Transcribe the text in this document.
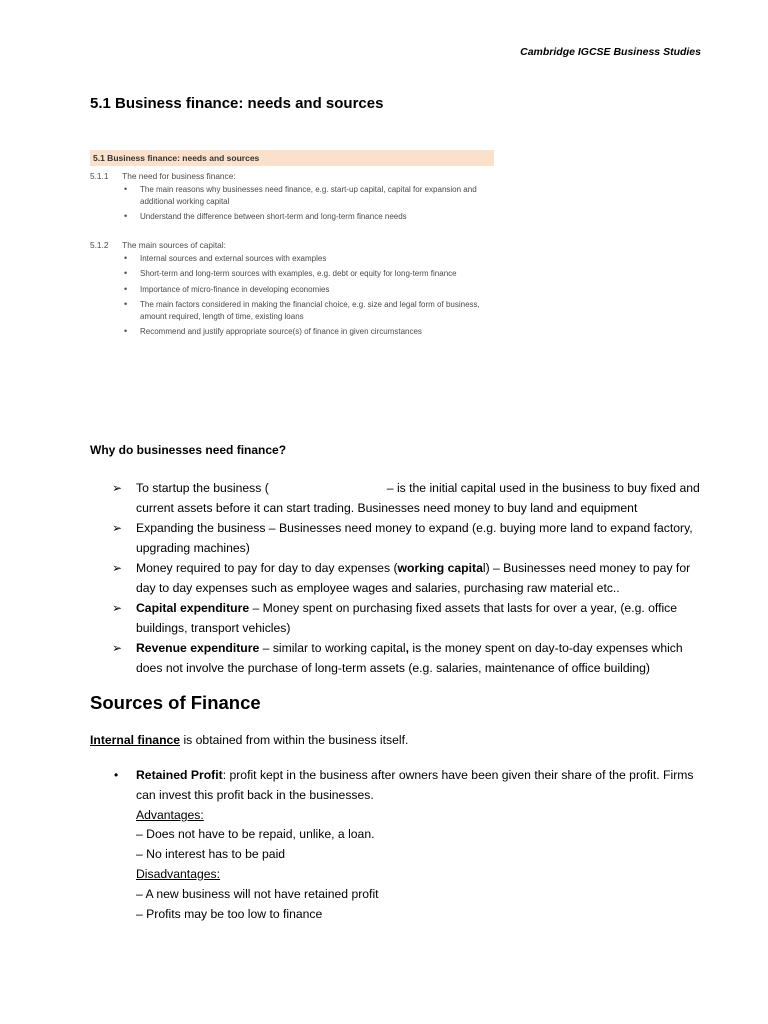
Cambridge IGCSE Business Studies
5.1 Business finance: needs and sources
5.1 Business finance: needs and sources
5.1.1 The need for business finance:
• The main reasons why businesses need finance, e.g. start-up capital, capital for expansion and additional working capital
• Understand the difference between short-term and long-term finance needs
5.1.2 The main sources of capital:
• Internal sources and external sources with examples
• Short-term and long-term sources with examples, e.g. debt or equity for long-term finance
• Importance of micro-finance in developing economies
• The main factors considered in making the financial choice, e.g. size and legal form of business, amount required, length of time, existing loans
• Recommend and justify appropriate source(s) of finance in given circumstances
Why do businesses need finance?
➢ To startup the business (	– is the initial capital used in the business to buy fixed and current assets before it can start trading. Businesses need money to buy land and equipment
➢ Expanding the business – Businesses need money to expand (e.g. buying more land to expand factory, upgrading machines)
➢ Money required to pay for day to day expenses (working capital) – Businesses need money to pay for day to day expenses such as employee wages and salaries, purchasing raw material etc..
➢ Capital expenditure – Money spent on purchasing fixed assets that lasts for over a year, (e.g. office buildings, transport vehicles)
➢ Revenue expenditure – similar to working capital, is the money spent on day-to-day expenses which does not involve the purchase of long-term assets (e.g. salaries, maintenance of office building)
Sources of Finance
Internal finance is obtained from within the business itself.
• Retained Profit: profit kept in the business after owners have been given their share of the profit. Firms can invest this profit back in the businesses.
Advantages:
– Does not have to be repaid, unlike, a loan.
– No interest has to be paid
Disadvantages:
– A new business will not have retained profit
– Profits may be too low to finance
